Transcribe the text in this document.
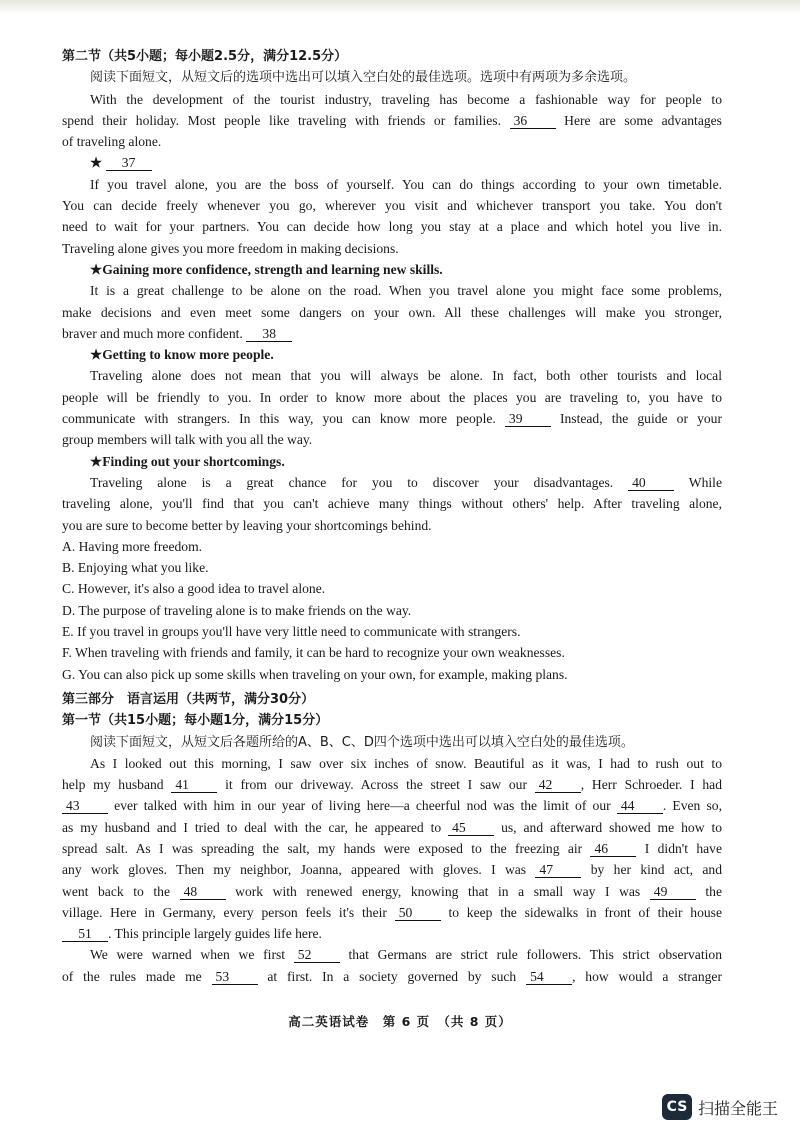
第二节（共5小题；每小题2.5分，满分12.5分）
阅读下面短文，从短文后的选项中选出可以填入空白处的最佳选项。选项中有两项为多余选项。
With the development of the tourist industry, traveling has become a fashionable way for people to
spend their holiday. Most people like traveling with friends or families. 36	Here are some advantages
of traveling alone.
★ 37
If you travel alone, you are the boss of yourself. You can do things according to your own timetable.
You can decide freely whenever you go, wherever you visit and whichever transport you take. You don't
need to wait for your partners. You can decide how long you stay at a place and which hotel you live in.
Traveling alone gives you more freedom in making decisions.
★Gaining more confidence, strength and learning new skills.
It is a great challenge to be alone on the road. When you travel alone you might face some problems,
make decisions and even meet some dangers on your own. All these challenges will make you stronger,
braver and much more confident. 38
★Getting to know more people.
Traveling alone does not mean that you will always be alone. In fact, both other tourists and local
people will be friendly to you. In order to know more about the places you are traveling to, you have to
communicate with strangers. In this way, you can know more people. 39	Instead, the guide or your
group members will talk with you all the way.
★Finding out your shortcomings.
Traveling alone is a great chance for you to discover your disadvantages. 40	While
traveling alone, you'll find that you can't achieve many things without others' help. After traveling alone,
you are sure to become better by leaving your shortcomings behind.
A. Having more freedom.
B. Enjoying what you like.
C. However, it's also a good idea to travel alone.
D. The purpose of traveling alone is to make friends on the way.
E. If you travel in groups you'll have very little need to communicate with strangers.
F. When traveling with friends and family, it can be hard to recognize your own weaknesses.
G. You can also pick up some skills when traveling on your own, for example, making plans.
第三部分　语言运用（共两节，满分30分）
第一节（共15小题；每小题1分，满分15分）
阅读下面短文，从短文后各题所给的A、B、C、D四个选项中选出可以填入空白处的最佳选项。
As I looked out this morning, I saw over six inches of snow. Beautiful as it was, I had to rush out to
help my husband 41	it from our driveway. Across the street I saw our 42 , Herr Schroeder. I had
43	ever talked with him in our year of living here—a cheerful nod was the limit of our 44 . Even so,
as my husband and I tried to deal with the car, he appeared to 45	us, and afterward showed me how to
spread salt. As I was spreading the salt, my hands were exposed to the freezing air 46	I didn't have
any work gloves. Then my neighbor, Joanna, appeared with gloves. I was 47	by her kind act, and
went back to the 48	work with renewed energy, knowing that in a small way I was 49	the
village. Here in Germany, every person feels it's their 50	to keep the sidewalks in front of their house
51 . This principle largely guides life here.
We were warned when we first 52	that Germans are strict rule followers. This strict observation
of the rules made me 53	at first. In a society governed by such 54 , how would a stranger
高二英语试卷　第 6 页　（共 8 页）
CS 扫描全能王
